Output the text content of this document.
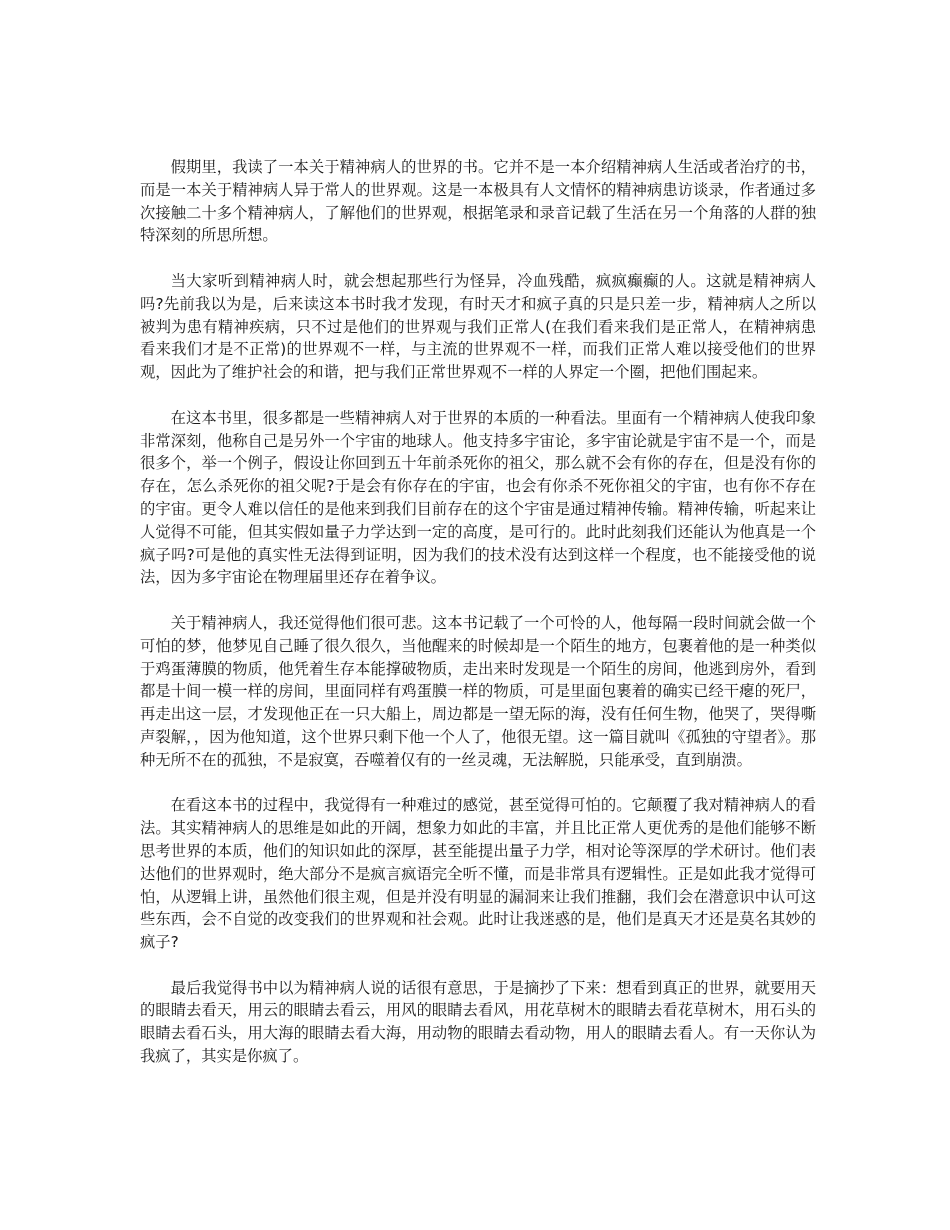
假期里，我读了一本关于精神病人的世界的书。它并不是一本介绍精神病人生活或者治疗的书，而是一本关于精神病人异于常人的世界观。这是一本极具有人文情怀的精神病患访谈录，作者通过多次接触二十多个精神病人，了解他们的世界观，根据笔录和录音记载了生活在另一个角落的人群的独特深刻的所思所想。

当大家听到精神病人时，就会想起那些行为怪异，冷血残酷，疯疯癫癫的人。这就是精神病人吗?先前我以为是，后来读这本书时我才发现，有时天才和疯子真的只是只差一步，精神病人之所以被判为患有精神疾病，只不过是他们的世界观与我们正常人(在我们看来我们是正常人，在精神病患看来我们才是不正常)的世界观不一样，与主流的世界观不一样，而我们正常人难以接受他们的世界观，因此为了维护社会的和谐，把与我们正常世界观不一样的人界定一个圈，把他们围起来。

在这本书里，很多都是一些精神病人对于世界的本质的一种看法。里面有一个精神病人使我印象非常深刻，他称自己是另外一个宇宙的地球人。他支持多宇宙论，多宇宙论就是宇宙不是一个，而是很多个，举一个例子，假设让你回到五十年前杀死你的祖父，那么就不会有你的存在，但是没有你的存在，怎么杀死你的祖父呢?于是会有你存在的宇宙，也会有你杀不死你祖父的宇宙，也有你不存在的宇宙。更令人难以信任的是他来到我们目前存在的这个宇宙是通过精神传输。精神传输，听起来让人觉得不可能，但其实假如量子力学达到一定的高度，是可行的。此时此刻我们还能认为他真是一个疯子吗?可是他的真实性无法得到证明，因为我们的技术没有达到这样一个程度，也不能接受他的说法，因为多宇宙论在物理届里还存在着争议。

关于精神病人，我还觉得他们很可悲。这本书记载了一个可怜的人，他每隔一段时间就会做一个可怕的梦，他梦见自己睡了很久很久，当他醒来的时候却是一个陌生的地方，包裹着他的是一种类似于鸡蛋薄膜的物质，他凭着生存本能撑破物质，走出来时发现是一个陌生的房间，他逃到房外，看到都是十间一模一样的房间，里面同样有鸡蛋膜一样的物质，可是里面包裹着的确实已经干瘪的死尸，再走出这一层，才发现他正在一只大船上，周边都是一望无际的海，没有任何生物，他哭了，哭得嘶声裂解，，因为他知道，这个世界只剩下他一个人了，他很无望。这一篇目就叫《孤独的守望者》。那种无所不在的孤独，不是寂寞，吞噬着仅有的一丝灵魂，无法解脱，只能承受，直到崩溃。

在看这本书的过程中，我觉得有一种难过的感觉，甚至觉得可怕的。它颠覆了我对精神病人的看法。其实精神病人的思维是如此的开阔，想象力如此的丰富，并且比正常人更优秀的是他们能够不断思考世界的本质，他们的知识如此的深厚，甚至能提出量子力学，相对论等深厚的学术研讨。他们表达他们的世界观时，绝大部分不是疯言疯语完全听不懂，而是非常具有逻辑性。正是如此我才觉得可怕，从逻辑上讲，虽然他们很主观，但是并没有明显的漏洞来让我们推翻，我们会在潜意识中认可这些东西，会不自觉的改变我们的世界观和社会观。此时让我迷惑的是，他们是真天才还是莫名其妙的疯子?

最后我觉得书中以为精神病人说的话很有意思，于是摘抄了下来：想看到真正的世界，就要用天的眼睛去看天，用云的眼睛去看云，用风的眼睛去看风，用花草树木的眼睛去看花草树木，用石头的眼睛去看石头，用大海的眼睛去看大海，用动物的眼睛去看动物，用人的眼睛去看人。有一天你认为我疯了，其实是你疯了。
